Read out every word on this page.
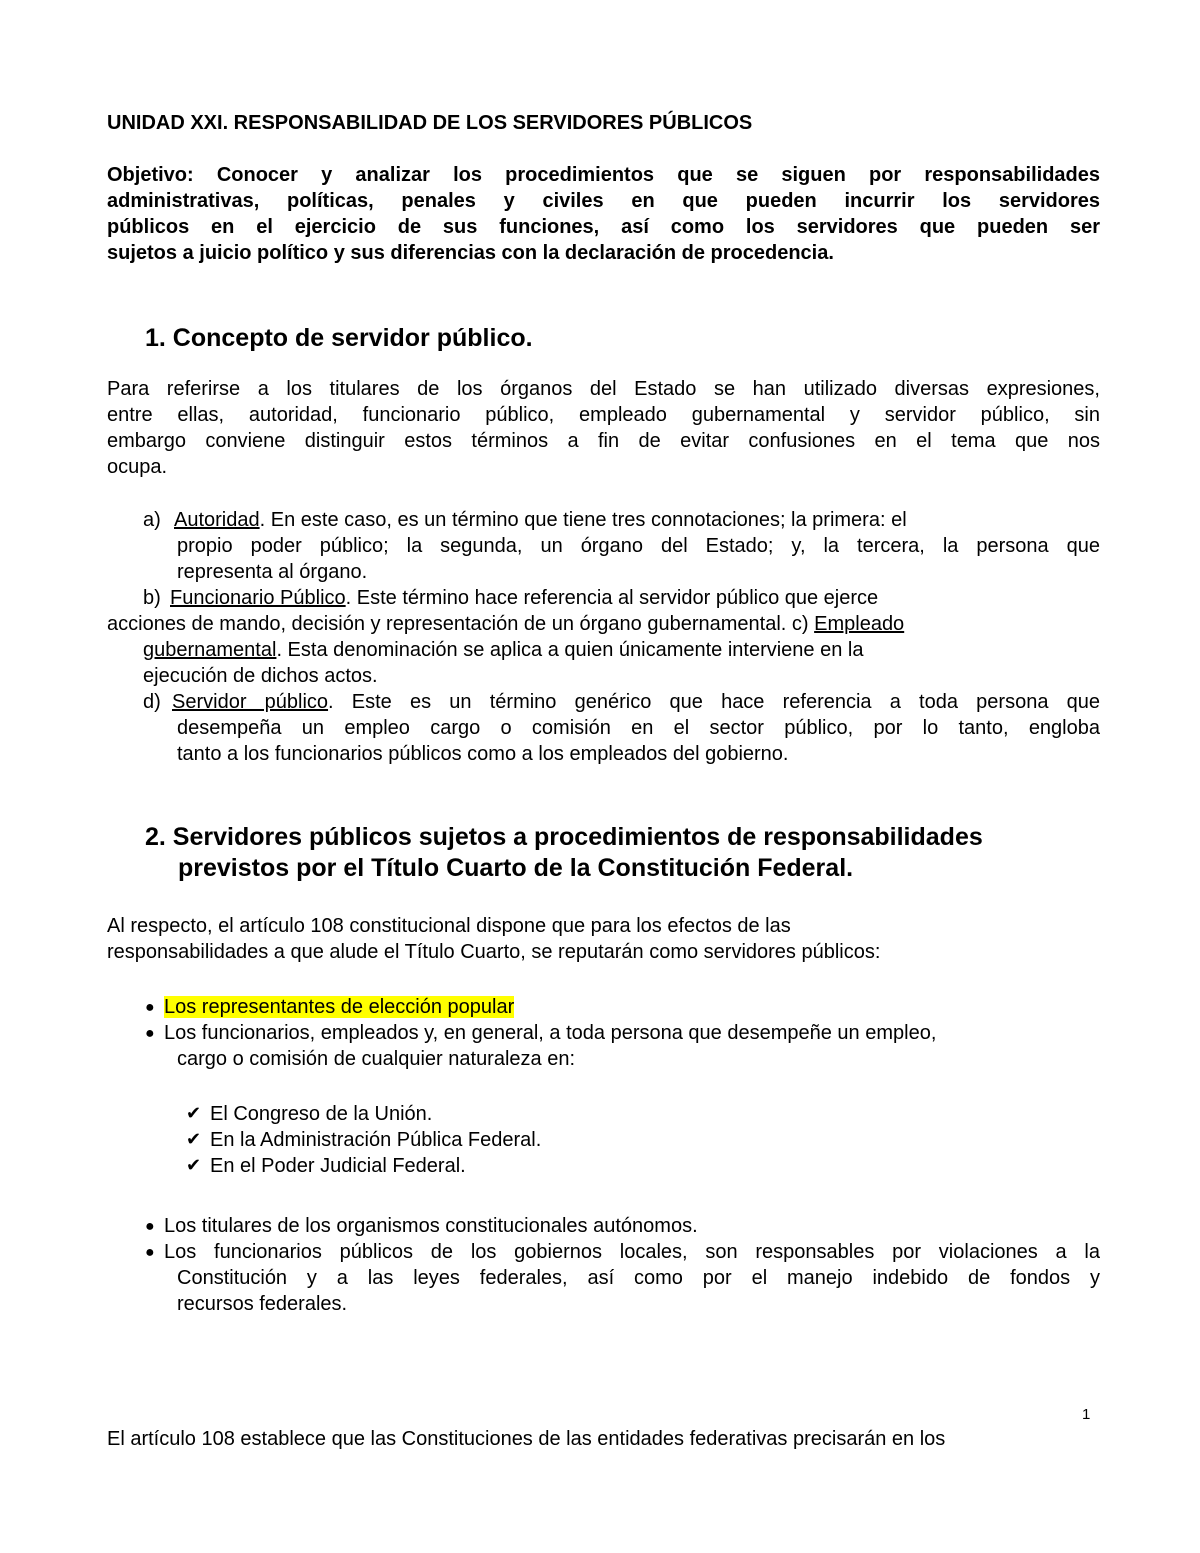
UNIDAD XXI. RESPONSABILIDAD DE LOS SERVIDORES PÚBLICOS
Objetivo: Conocer y analizar los procedimientos que se siguen por responsabilidades
administrativas, políticas, penales y civiles en que pueden incurrir los servidores
públicos en el ejercicio de sus funciones, así como los servidores que pueden ser
sujetos a juicio político y sus diferencias con la declaración de procedencia.
1. Concepto de servidor público.
Para referirse a los titulares de los órganos del Estado se han utilizado diversas expresiones,
entre ellas, autoridad, funcionario público, empleado gubernamental y servidor público, sin
embargo conviene distinguir estos términos a fin de evitar confusiones en el tema que nos
ocupa.
a) Autoridad. En este caso, es un término que tiene tres connotaciones; la primera: el
propio poder público; la segunda, un órgano del Estado; y, la tercera, la persona que
representa al órgano.
b) Funcionario Público. Este término hace referencia al servidor público que ejerce
acciones de mando, decisión y representación de un órgano gubernamental. c) Empleado
gubernamental. Esta denominación se aplica a quien únicamente interviene en la
ejecución de dichos actos.
d) Servidor público. Este es un término genérico que hace referencia a toda persona que
desempeña un empleo cargo o comisión en el sector público, por lo tanto, engloba
tanto a los funcionarios públicos como a los empleados del gobierno.
2. Servidores públicos sujetos a procedimientos de responsabilidades
previstos por el Título Cuarto de la Constitución Federal.
Al respecto, el artículo 108 constitucional dispone que para los efectos de las
responsabilidades a que alude el Título Cuarto, se reputarán como servidores públicos:
● Los representantes de elección popular
● Los funcionarios, empleados y, en general, a toda persona que desempeñe un empleo,
cargo o comisión de cualquier naturaleza en:
✔ El Congreso de la Unión.
✔ En la Administración Pública Federal.
✔ En el Poder Judicial Federal.
● Los titulares de los organismos constitucionales autónomos.
● Los funcionarios públicos de los gobiernos locales, son responsables por violaciones a la
Constitución y a las leyes federales, así como por el manejo indebido de fondos y
recursos federales.
1
El artículo 108 establece que las Constituciones de las entidades federativas precisarán en los
